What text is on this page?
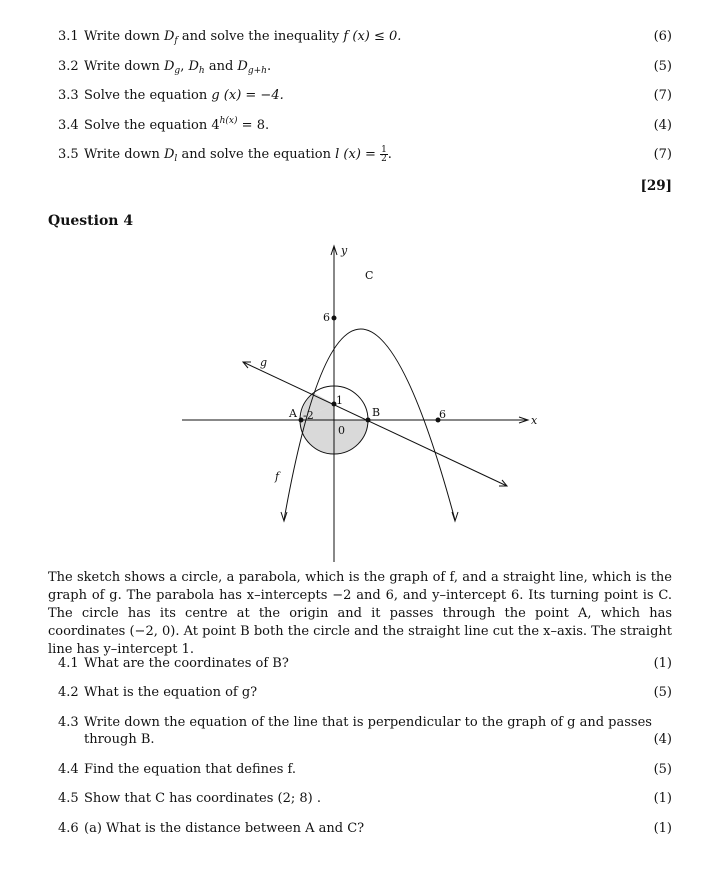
3.1 Write down $D_f$ and solve the inequality f (x) ≤ 0.	(6)
3.2 Write down $D_g$, $D_h$ and $D_{g+h}$.	(5)
3.3 Solve the equation g (x) = −4.	(7)
3.4 Solve the equation $4^{h(x)} = 8$.	(4)
3.5 Write down $D_l$ and solve the equation l $(x) = \frac{1}{2}$ .	(7)
[29]
Question 4
y
x
C
6
g
A -2
1
B	6
0
f
The sketch shows a circle, a parabola, which is the graph of f, and a straight line, which is the graph of g. The parabola has x–intercepts −2 and 6, and y–intercept 6. Its turning point is C. The circle has its centre at the origin and it passes through the point A, which has coordinates (−2, 0). At point B both the circle and the straight line cut the x–axis. The straight line has y–intercept 1.
4.1 What are the coordinates of B?	(1)
4.2 What is the equation of g?	(5)
4.3 Write down the equation of the line that is perpendicular to the graph of g and passes through B.	(4)
4.4 Find the equation that defines f.	(5)
4.5 Show that C has coordinates (2; 8) .	(1)
4.6 (a) What is the distance between A and C?	(1)
